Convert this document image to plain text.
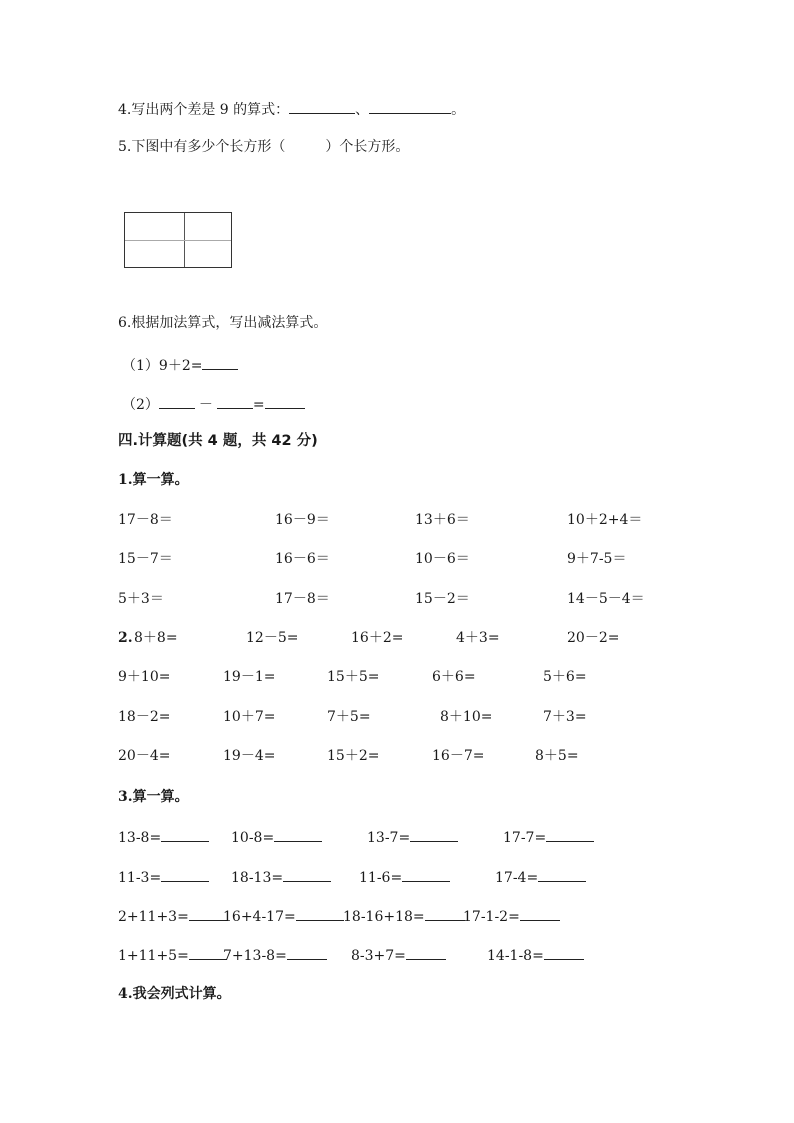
4.写出两个差是 9 的算式：	、	。
5.下图中有多少个长方形（	）个长方形。
6.根据加法算式，写出减法算式。
（1）9＋2=
（2）	－	=
四.计算题(共 4 题，共 42 分)
1.算一算。
17－8＝	16－9＝	13＋6＝	10＋2+4＝
15－7＝	16－6＝	10－6＝	9＋7-5＝
5＋3＝	17－8＝	15－2＝	14－5－4＝
2. 8＋8=	12－5=	16＋2=	4＋3=	20－2=
9＋10=	19－1=	15＋5=	6＋6=	5＋6=
18－2=	10＋7=	7＋5=	8＋10=	7＋3=
20－4=	19－4=	15＋2=	16－7=	8＋5=
3.算一算。
13-8=	10-8=	13-7=	17-7=
11-3=	18-13=	11-6=	17-4=
2+11+3=	16+4-17=	18-16+18=	17-1-2=
1+11+5=	7+13-8=	8-3+7=	14-1-8=
4.我会列式计算。
